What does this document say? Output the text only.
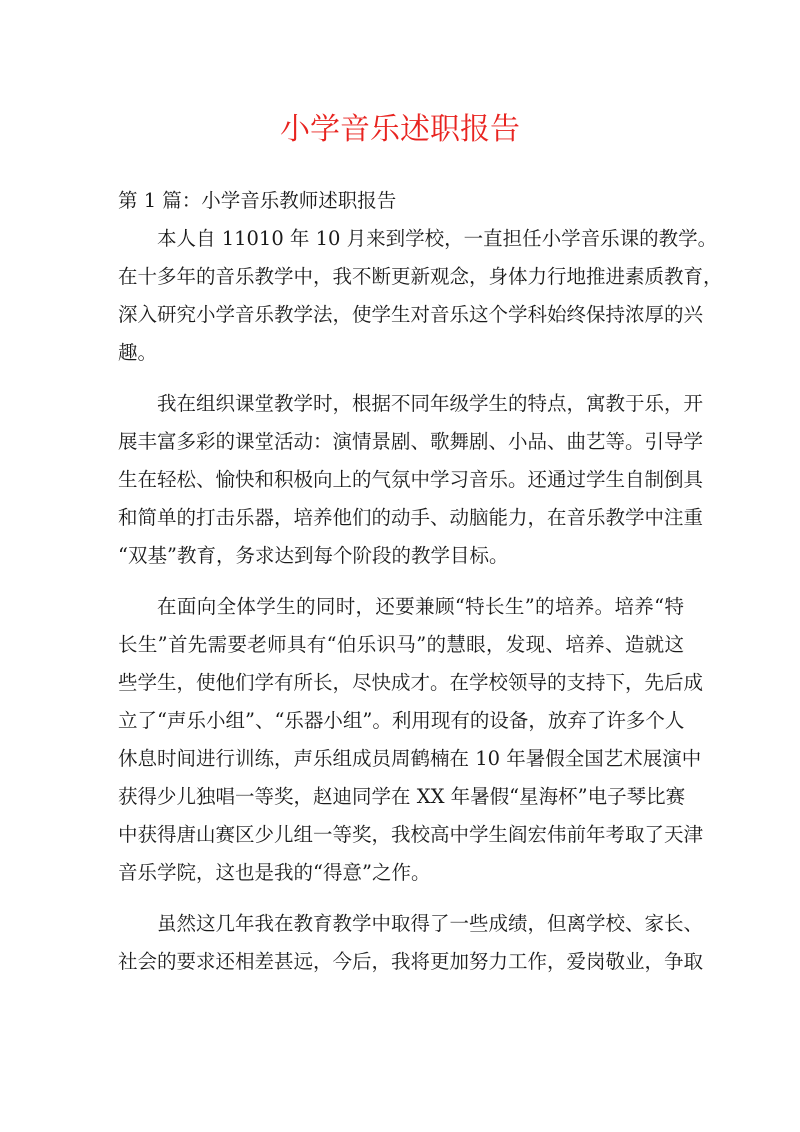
小学音乐述职报告
第 1 篇：小学音乐教师述职报告
本人自 11010 年 10 月来到学校，一直担任小学音乐课的教学。
在十多年的音乐教学中，我不断更新观念，身体力行地推进素质教育，
深入研究小学音乐教学法，使学生对音乐这个学科始终保持浓厚的兴
趣。
我在组织课堂教学时，根据不同年级学生的特点，寓教于乐，开
展丰富多彩的课堂活动：演情景剧、歌舞剧、小品、曲艺等。引导学
生在轻松、愉快和积极向上的气氛中学习音乐。还通过学生自制倒具
和简单的打击乐器，培养他们的动手、动脑能力，在音乐教学中注重
“双基”教育，务求达到每个阶段的教学目标。
在面向全体学生的同时，还要兼顾“特长生”的培养。培养“特
长生”首先需要老师具有“伯乐识马”的慧眼，发现、培养、造就这
些学生，使他们学有所长，尽快成才。在学校领导的支持下，先后成
立了“声乐小组”、“乐器小组”。利用现有的设备，放弃了许多个人
休息时间进行训练，声乐组成员周鹤楠在 10 年暑假全国艺术展演中
获得少儿独唱一等奖，赵迪同学在 XX 年暑假“星海杯”电子琴比赛
中获得唐山赛区少儿组一等奖，我校高中学生阎宏伟前年考取了天津
音乐学院，这也是我的“得意”之作。
虽然这几年我在教育教学中取得了一些成绩，但离学校、家长、
社会的要求还相差甚远，今后，我将更加努力工作，爱岗敬业，争取
